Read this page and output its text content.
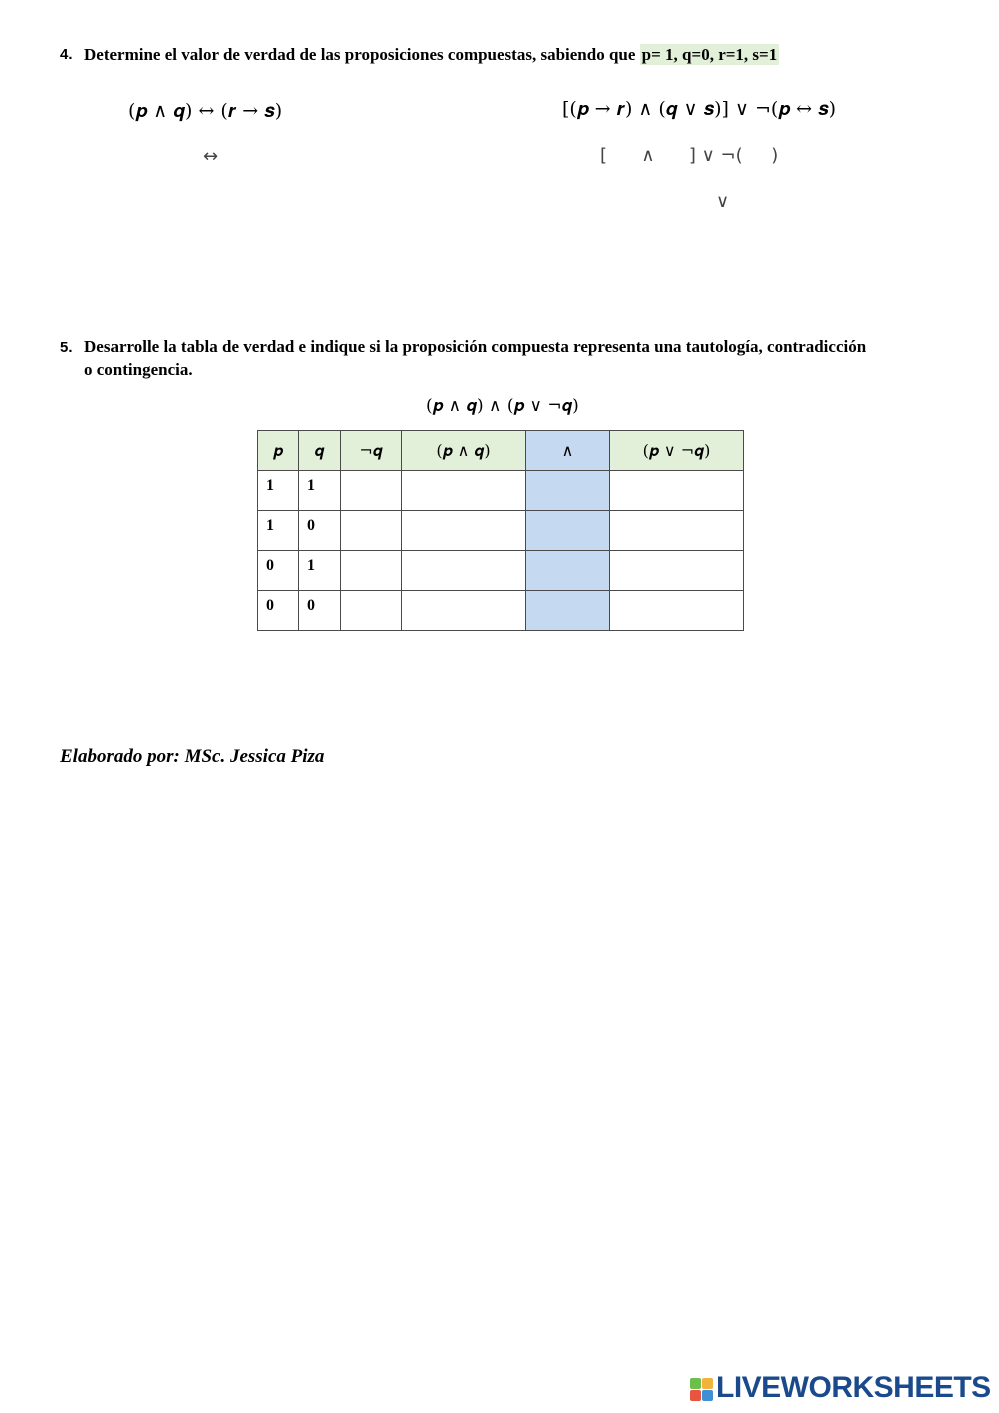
4. Determine el valor de verdad de las proposiciones compuestas, sabiendo que p= 1, q=0, r=1, s=1
(𝒑 ∧ 𝒒) ↔ (𝒓 → 𝒔)
↔
[(𝒑 → 𝒓) ∧ (𝒒 ∨ 𝒔)] ∨ ¬(𝒑 ↔ 𝒔)
[      ∧      ] ∨ ¬(     )
∨
5. Desarrolle la tabla de verdad e indique si la proposición compuesta representa una tautología, contradicción
o contingencia.
(𝒑 ∧ 𝒒) ∧ (𝒑 ∨ ¬𝒒)
𝒑	𝒒	¬𝒒	(𝒑 ∧ 𝒒)	∧	(𝒑 ∨ ¬𝒒)
1	1				
1	0				
0	1				
0	0				
Elaborado por: MSc. Jessica Piza
LIVEWORKSHEETS
